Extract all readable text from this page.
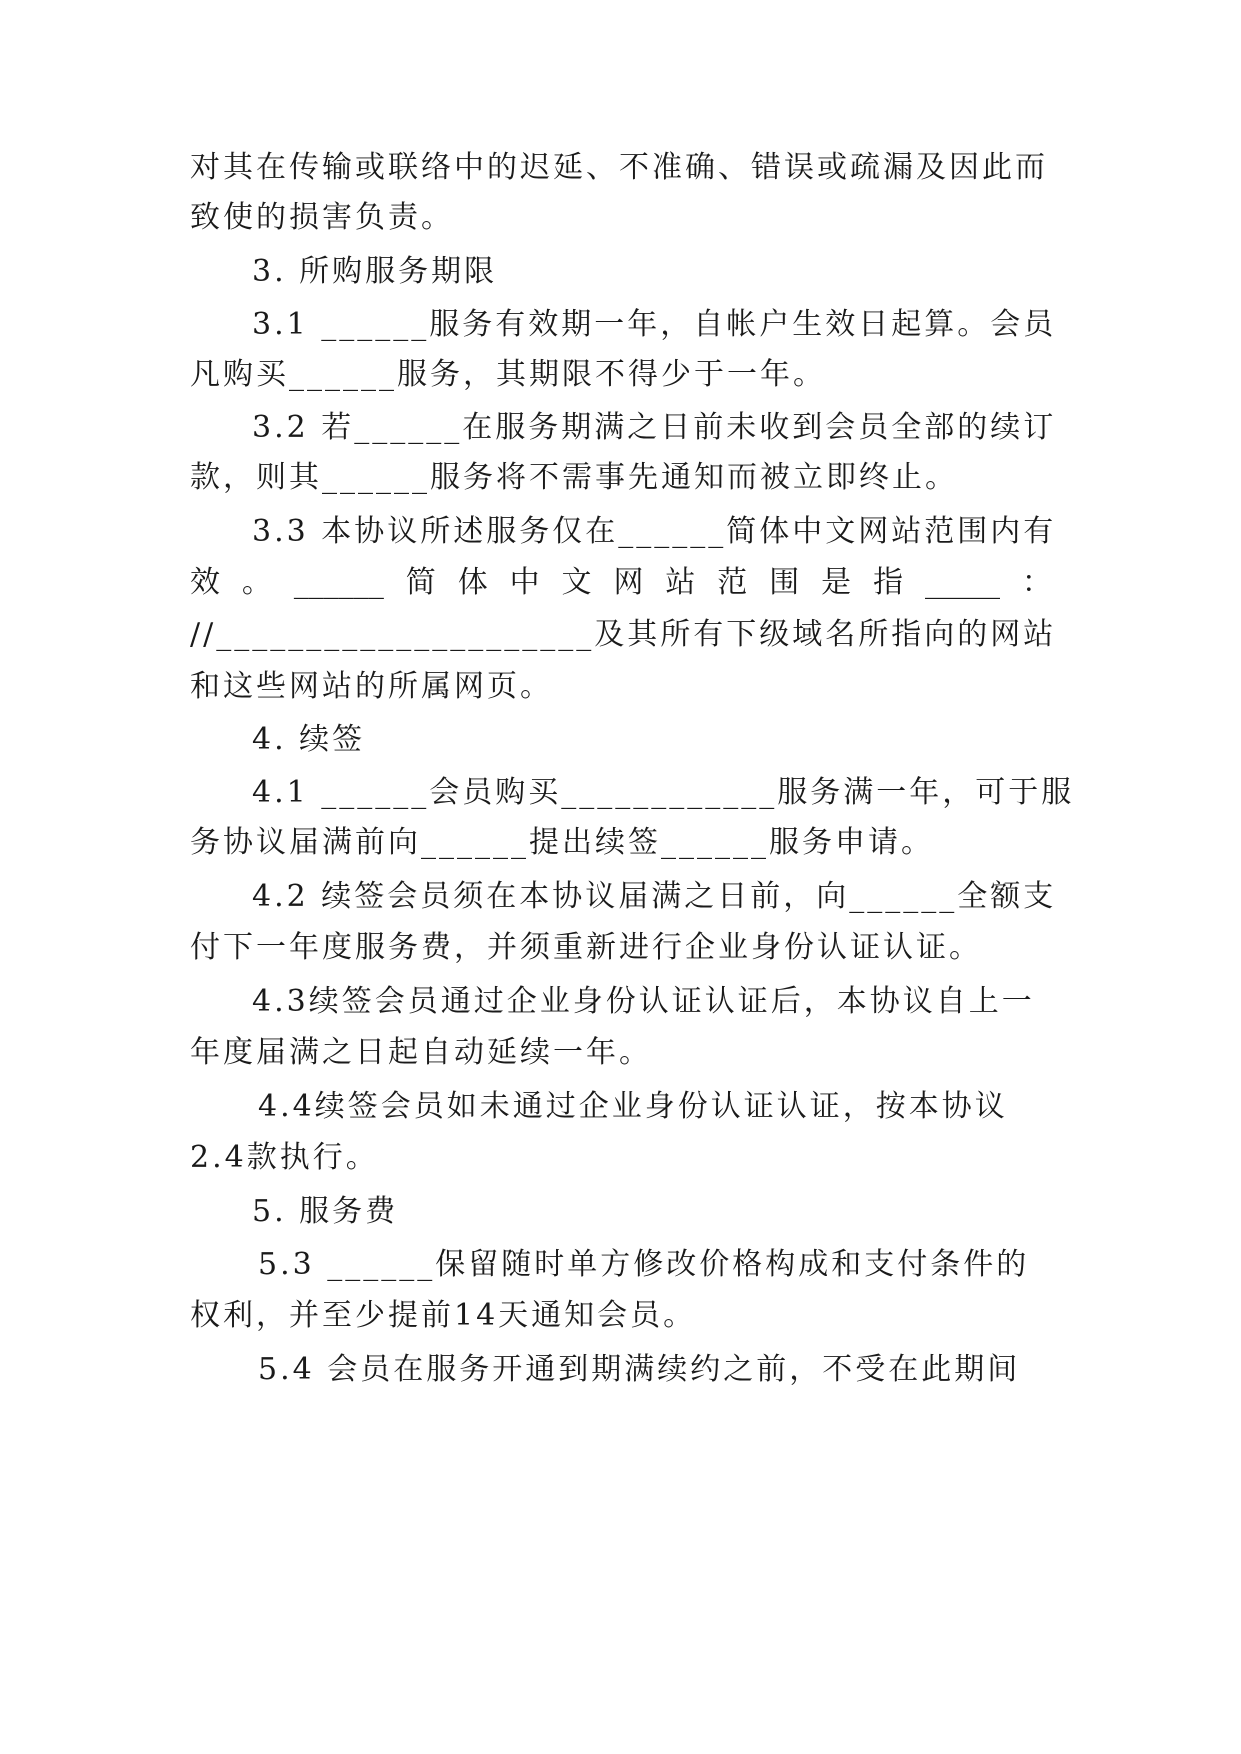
对其在传输或联络中的迟延、不准确、错误或疏漏及因此而
致使的损害负责。
3. 所购服务期限
3.1 ______服务有效期一年，自帐户生效日起算。会员
凡购买______服务，其期限不得少于一年。
3.2 若______在服务期满之日前未收到会员全部的续订
款，则其______服务将不需事先通知而被立即终止。
3.3 本协议所述服务仅在______简体中文网站范围内有
效 。 ______ 简 体 中 文 网 站 范 围 是 指 _____ ：
//_____________________及其所有下级域名所指向的网站
和这些网站的所属网页。
4. 续签
4.1 ______会员购买____________服务满一年，可于服
务协议届满前向______提出续签______服务申请。
4.2 续签会员须在本协议届满之日前，向______全额支
付下一年度服务费，并须重新进行企业身份认证认证。
4.3续签会员通过企业身份认证认证后，本协议自上一
年度届满之日起自动延续一年。
4.4续签会员如未通过企业身份认证认证，按本协议
2.4款执行。
5. 服务费
5.3 ______保留随时单方修改价格构成和支付条件的
权利，并至少提前14天通知会员。
5.4 会员在服务开通到期满续约之前，不受在此期间
